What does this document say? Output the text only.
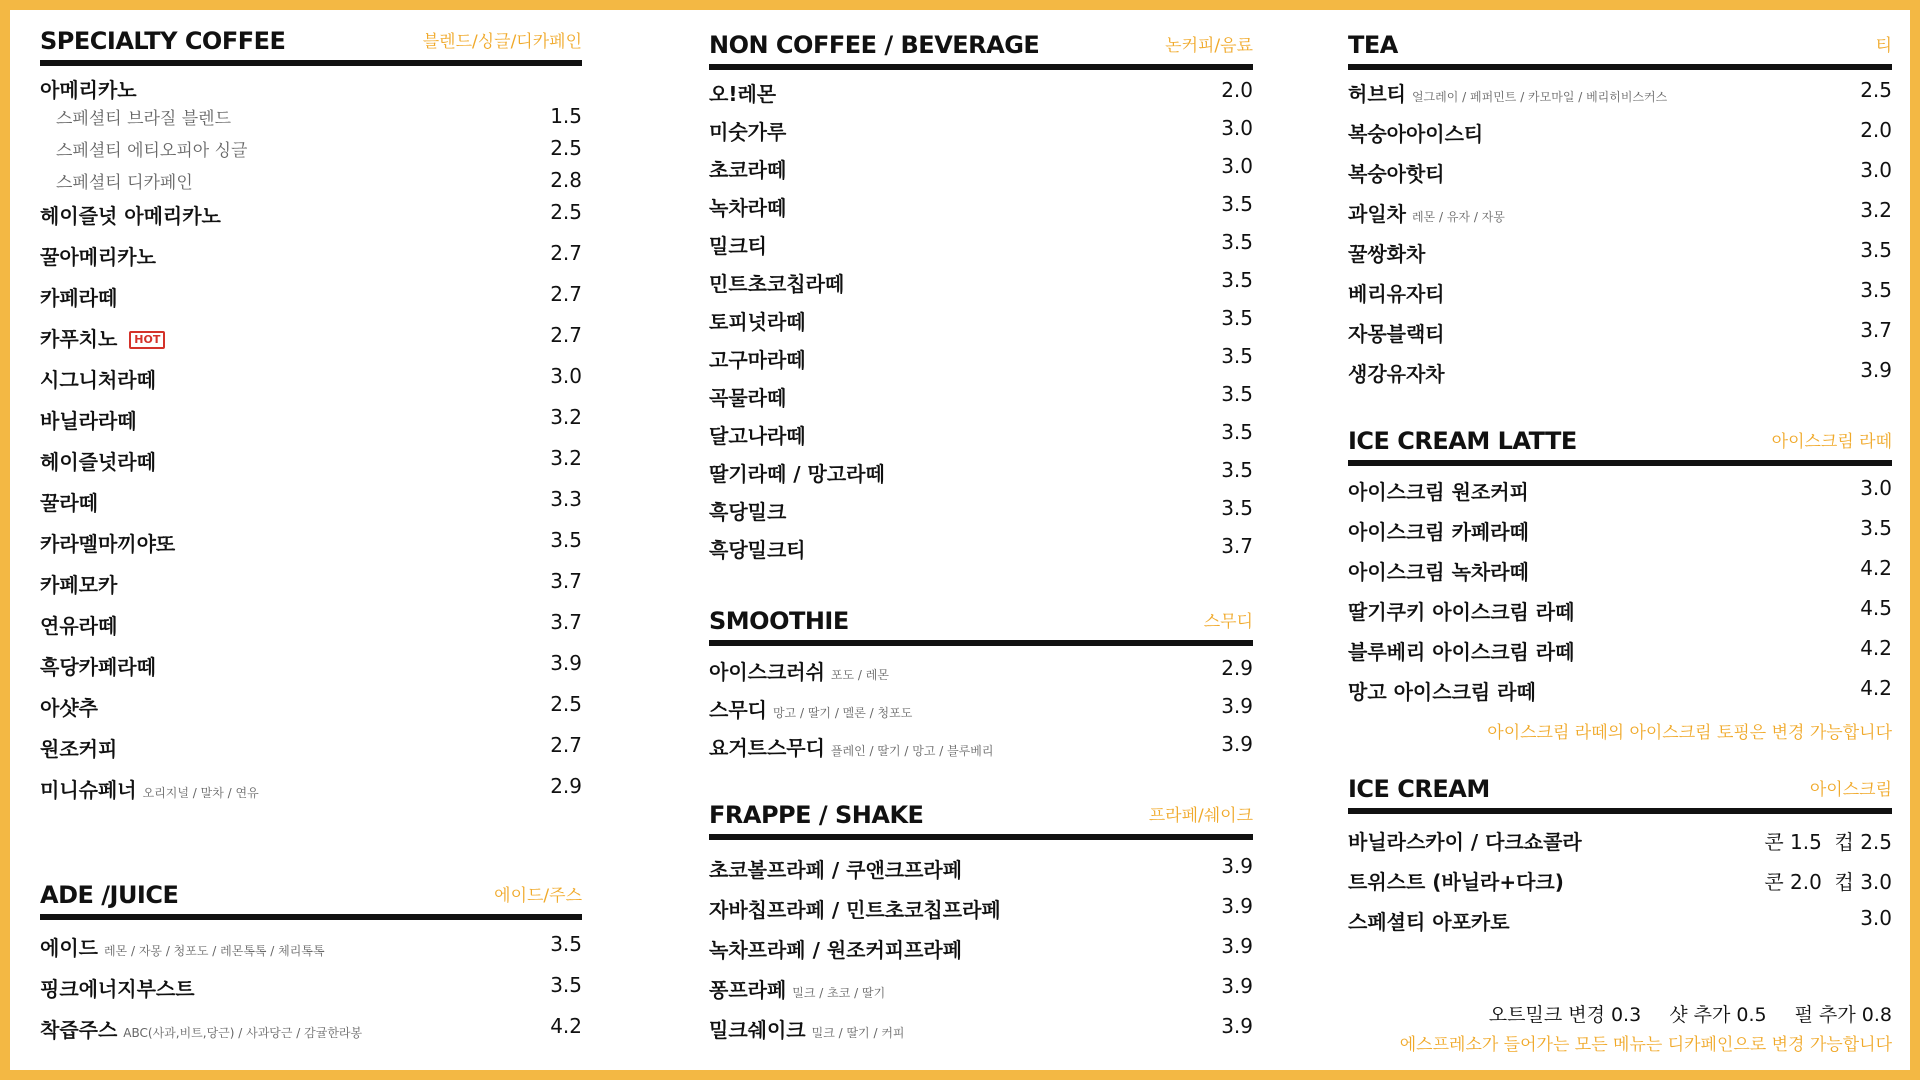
SPECIALTY COFFEE	블렌드/싱글/디카페인
아메리카노
스페셜티 브라질 블렌드	1.5
스페셜티 에티오피아 싱글	2.5
스페셜티 디카페인	2.8
헤이즐넛 아메리카노	2.5
꿀아메리카노	2.7
카페라떼	2.7
카푸치노 HOT	2.7
시그니처라떼	3.0
바닐라라떼	3.2
헤이즐넛라떼	3.2
꿀라떼	3.3
카라멜마끼야또	3.5
카페모카	3.7
연유라떼	3.7
흑당카페라떼	3.9
아샷추	2.5
원조커피	2.7
미니슈페너 오리지널 / 말차 / 연유	2.9
ADE /JUICE	에이드/주스
에이드 레몬 / 자몽 / 청포도 / 레몬톡톡 / 체리톡톡	3.5
핑크에너지부스트	3.5
착즙주스 ABC(사과,비트,당근) / 사과당근 / 감귤한라봉	4.2
NON COFFEE / BEVERAGE	논커피/음료
오!레몬	2.0
미숫가루	3.0
초코라떼	3.0
녹차라떼	3.5
밀크티	3.5
민트초코칩라떼	3.5
토피넛라떼	3.5
고구마라떼	3.5
곡물라떼	3.5
달고나라떼	3.5
딸기라떼 / 망고라떼	3.5
흑당밀크	3.5
흑당밀크티	3.7
SMOOTHIE	스무디
아이스크러쉬 포도 / 레몬	2.9
스무디 망고 / 딸기 / 멜론 / 청포도	3.9
요거트스무디 플레인 / 딸기 / 망고 / 블루베리	3.9
FRAPPE / SHAKE	프라페/쉐이크
초코볼프라페 / 쿠앤크프라페	3.9
자바칩프라페 / 민트초코칩프라페	3.9
녹차프라페 / 원조커피프라페	3.9
퐁프라페 밀크 / 초코 / 딸기	3.9
밀크쉐이크 밀크 / 딸기 / 커피	3.9
TEA	티
허브티 얼그레이 / 페퍼민트 / 카모마일 / 베리히비스커스	2.5
복숭아아이스티	2.0
복숭아핫티	3.0
과일차 레몬 / 유자 / 자몽	3.2
꿀쌍화차	3.5
베리유자티	3.5
자몽블랙티	3.7
생강유자차	3.9
ICE CREAM LATTE	아이스크림 라떼
아이스크림 원조커피	3.0
아이스크림 카페라떼	3.5
아이스크림 녹차라떼	4.2
딸기쿠키 아이스크림 라떼	4.5
블루베리 아이스크림 라떼	4.2
망고 아이스크림 라떼	4.2
아이스크림 라떼의 아이스크림 토핑은 변경 가능합니다
ICE CREAM	아이스크림
바닐라스카이 / 다크쇼콜라	콘 1.5  컵 2.5
트위스트 (바닐라+다크)	콘 2.0  컵 3.0
스페셜티 아포카토	3.0
오트밀크 변경 0.3 샷 추가 0.5 펄 추가 0.8
에스프레소가 들어가는 모든 메뉴는 디카페인으로 변경 가능합니다
